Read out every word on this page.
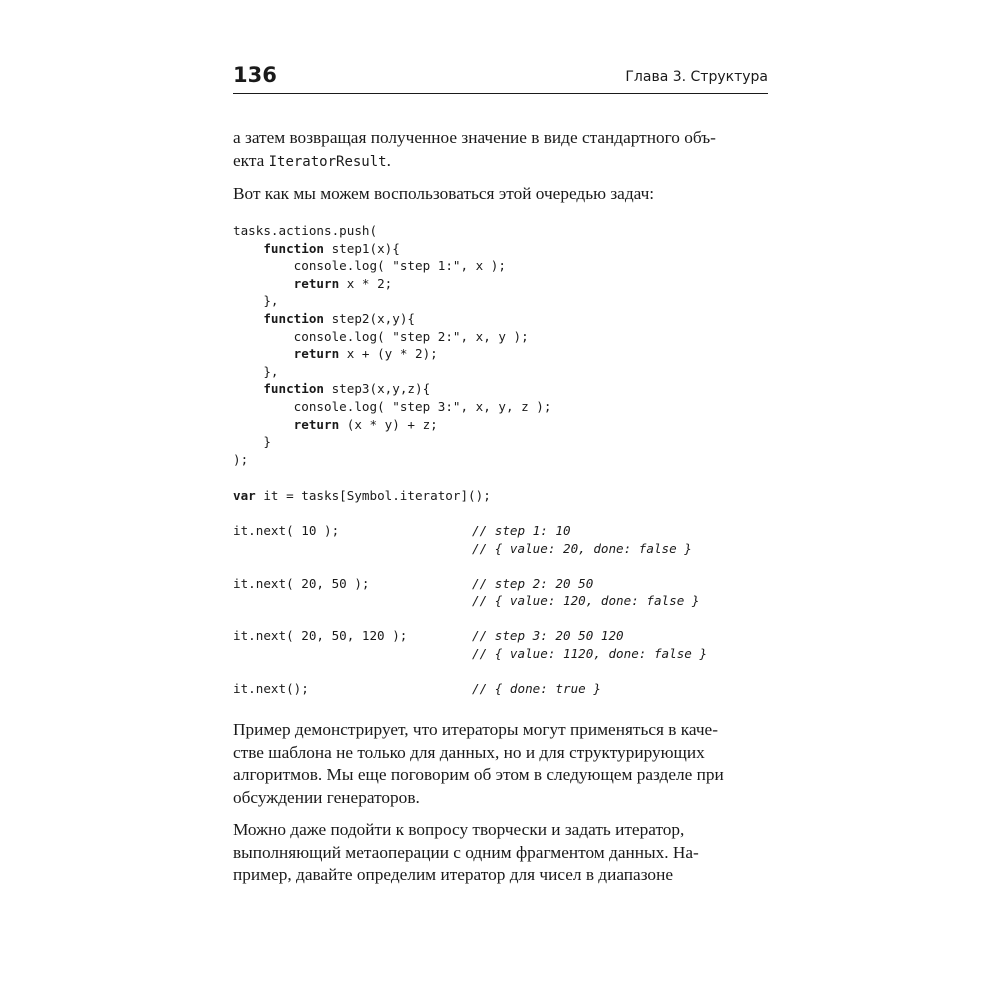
136	Глава 3. Структура

а затем возвращая полученное значение в виде стандартного объ-
екта IteratorResult.

Вот как мы можем воспользоваться этой очередью задач:

tasks.actions.push(
function step1(x){
console.log( "step 1:", x );
return x * 2;
},
function step2(x,y){
console.log( "step 2:", x, y );
return x + (y * 2);
},
function step3(x,y,z){
console.log( "step 3:", x, y, z );
return (x * y) + z;
}
);
var it = tasks[Symbol.iterator]();

it.next( 10 );

	// step 1: 10
// { value: 20, done: false }

it.next( 20, 50 );

	// step 2: 20 50
// { value: 120, done: false }

it.next( 20, 50, 120 );

	// step 3: 20 50 120
// { value: 1120, done: false }

it.next();

	// { done: true }

Пример демонстрирует, что итераторы могут применяться в каче-
стве шаблона не только для данных, но и для структурирующих
алгоритмов. Мы еще поговорим об этом в следующем разделе при
обсуждении генераторов.

Можно даже подойти к вопросу творчески и задать итератор,
выполняющий метаоперации с одним фрагментом данных. На-
пример, давайте определим итератор для чисел в диапазоне
